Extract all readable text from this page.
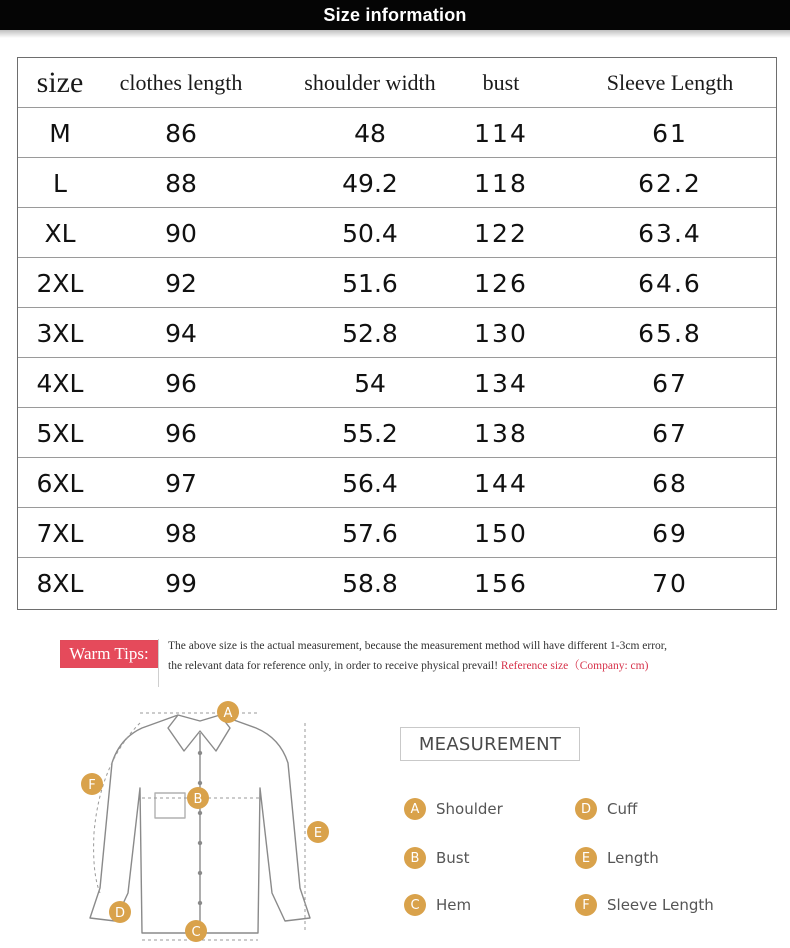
Size information
size	clothes length	shoulder width	bust	Sleeve Length
M	86	48	114	61
L	88	49.2	118	62.2
XL	90	50.4	122	63.4
2XL	92	51.6	126	64.6
3XL	94	52.8	130	65.8
4XL	96	54	134	67
5XL	96	55.2	138	67
6XL	97	56.4	144	68
7XL	98	57.6	150	69
8XL	99	58.8	156	70
Warm Tips: The above size is the actual measurement, because the measurement method will have different 1-3cm error,
the relevant data for reference only, in order to receive physical prevail! Reference size（Company: cm)
A
B
C
D
E
F
MEASUREMENT
A	Shoulder
B	Bust
C	Hem
D	Cuff
E	Length
F	Sleeve Length
